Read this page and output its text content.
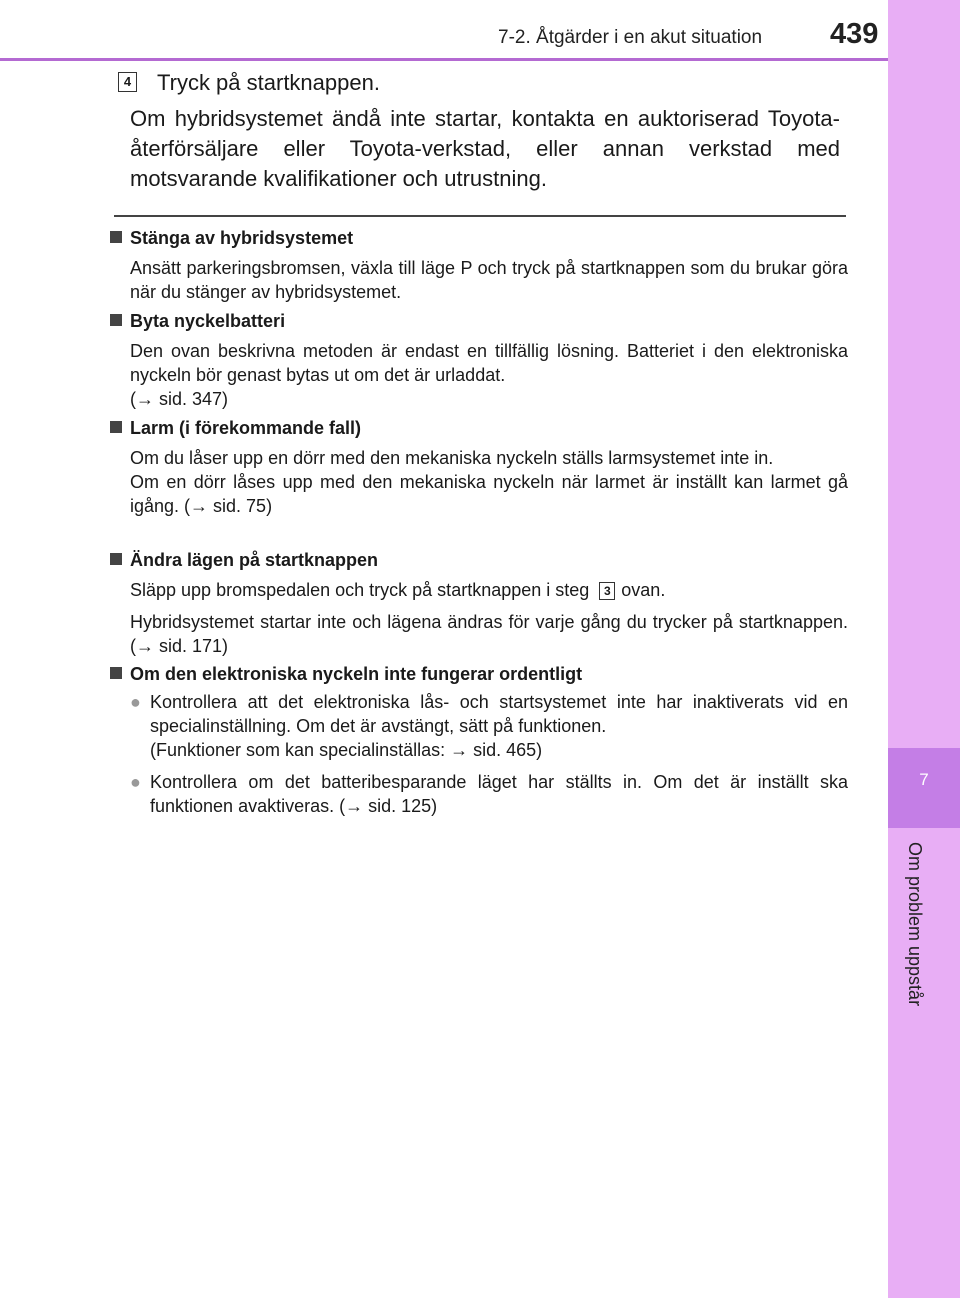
7-2. Åtgärder i en akut situation 439
7
Om problem uppstår
4 Tryck på startknappen.

Om hybridsystemet ändå inte startar, kontakta en auktoriserad Toyota-återförsäljare eller Toyota-verkstad, eller annan verkstad med motsvarande kvalifikationer och utrustning.

Stänga av hybridsystemet

Ansätt parkeringsbromsen, växla till läge P och tryck på startknappen som du brukar göra när du stänger av hybridsystemet.

Byta nyckelbatteri

Den ovan beskrivna metoden är endast en tillfällig lösning. Batteriet i den elektroniska nyckeln bör genast bytas ut om det är urladdat.

(→ sid. 347)

Larm (i förekommande fall)

Om du låser upp en dörr med den mekaniska nyckeln ställs larmsystemet inte in.

Om en dörr låses upp med den mekaniska nyckeln när larmet är inställt kan larmet gå igång. (→ sid. 75)

Ändra lägen på startknappen

Släpp upp bromspedalen och tryck på startknappen i steg 3 ovan.

Hybridsystemet startar inte och lägena ändras för varje gång du trycker på startknappen. (→ sid. 171)

Om den elektroniska nyckeln inte fungerar ordentligt
● Kontrollera att det elektroniska lås- och startsystemet inte har inaktiverats vid en specialinställning. Om det är avstängt, sätt på funktionen.

(Funktioner som kan specialinställas: → sid. 465)

● Kontrollera om det batteribesparande läget har ställts in. Om det är inställt ska funktionen avaktiveras. (→ sid. 125)
